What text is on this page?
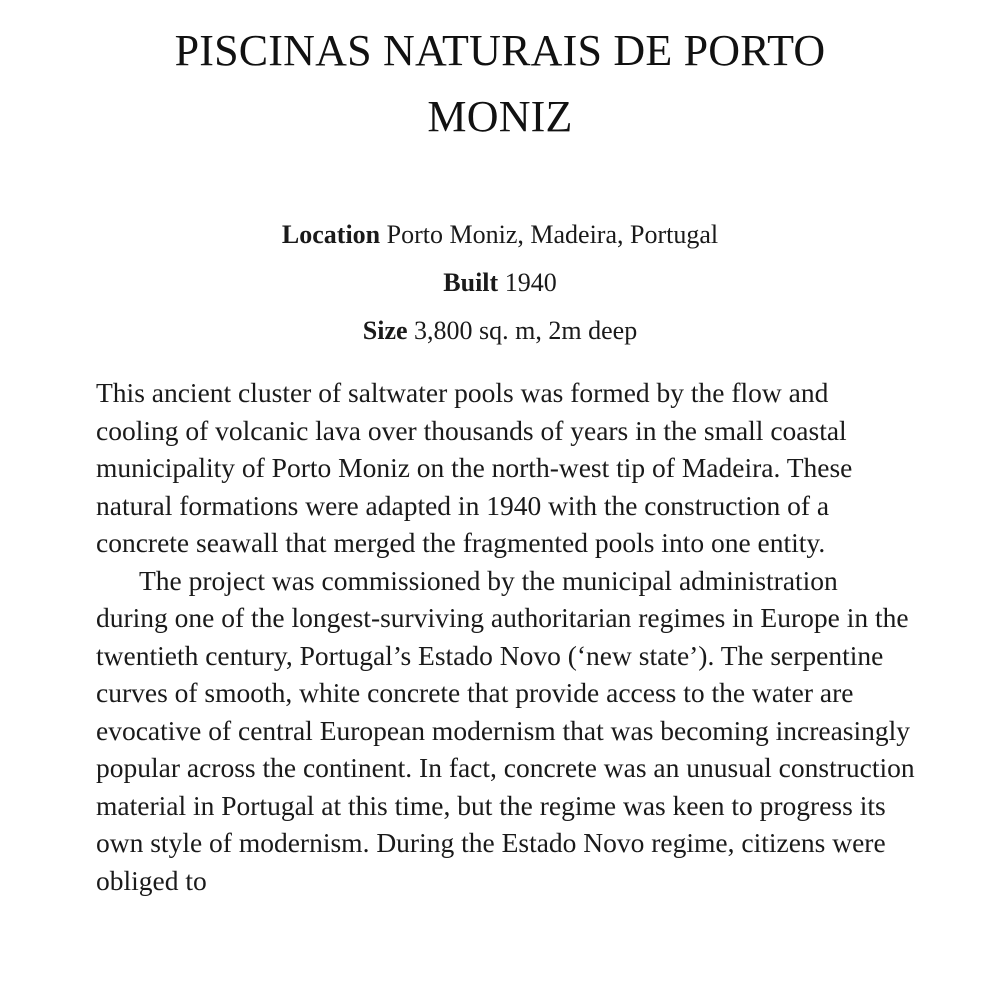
PISCINAS NATURAIS DE PORTO
MONIZ
Location Porto Moniz, Madeira, Portugal
Built 1940
Size 3,800 sq. m, 2m deep

This ancient cluster of saltwater pools was formed by the flow and cooling of volcanic lava over thousands of years in the small coastal municipality of Porto Moniz on the north-west tip of Madeira. These natural formations were adapted in 1940 with the construction of a concrete seawall that merged the fragmented pools into one entity.

The project was commissioned by the municipal administration during one of the longest-surviving authoritarian regimes in Europe in the twentieth century, Portugal’s Estado Novo (‘new state’). The serpentine curves of smooth, white concrete that provide access to the water are evocative of central European modernism that was becoming increasingly popular across the continent. In fact, concrete was an unusual construction material in Portugal at this time, but the regime was keen to progress its own style of modernism. During the Estado Novo regime, citizens were obliged to
